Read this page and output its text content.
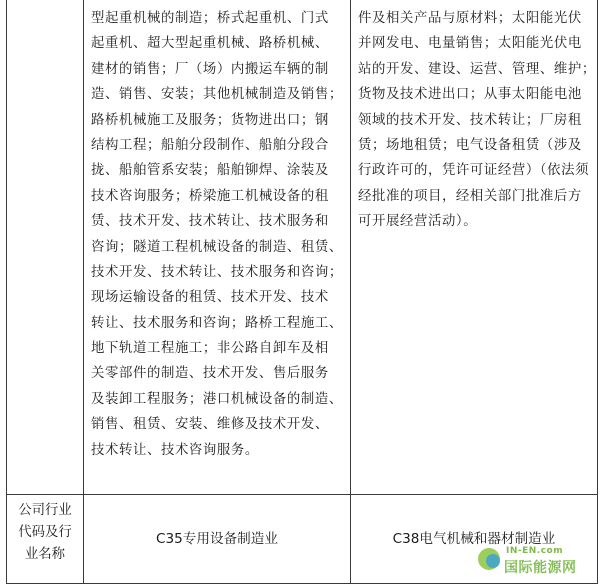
型起重机械的制造；桥式起重机、门式
起重机、超大型起重机械、路桥机械、
建材的销售；厂（场）内搬运车辆的制
造、销售、安装；其他机械制造及销售；
路桥机械施工及服务；货物进出口；钢
结构工程；船舶分段制作、船舶分段合
拢、船舶管系安装；船舶铆焊、涂装及
技术咨询服务；桥梁施工机械设备的租
赁、技术开发、技术转让、技术服务和
咨询；隧道工程机械设备的制造、租赁、
技术开发、技术转让、技术服务和咨询；
现场运输设备的租赁、技术开发、技术
转让、技术服务和咨询；路桥工程施工、
地下轨道工程施工；非公路自卸车及相
关零部件的制造、技术开发、售后服务
及装卸工程服务；港口机械设备的制造、
销售、租赁、安装、维修及技术开发、
技术转让、技术咨询服务。
件及相关产品与原材料；太阳能光伏
并网发电、电量销售；太阳能光伏电
站的开发、建设、运营、管理、维护；
货物及技术进出口；从事太阳能电池
领域的技术开发、技术转让；厂房租
赁；场地租赁；电气设备租赁（涉及
行政许可的，凭许可证经营）（依法须
经批准的项目，经相关部门批准后方
可开展经营活动）。
公司行业
代码及行
业名称
C35专用设备制造业	C38电气机械和器材制造业
IN-EN.com
国际能源网
